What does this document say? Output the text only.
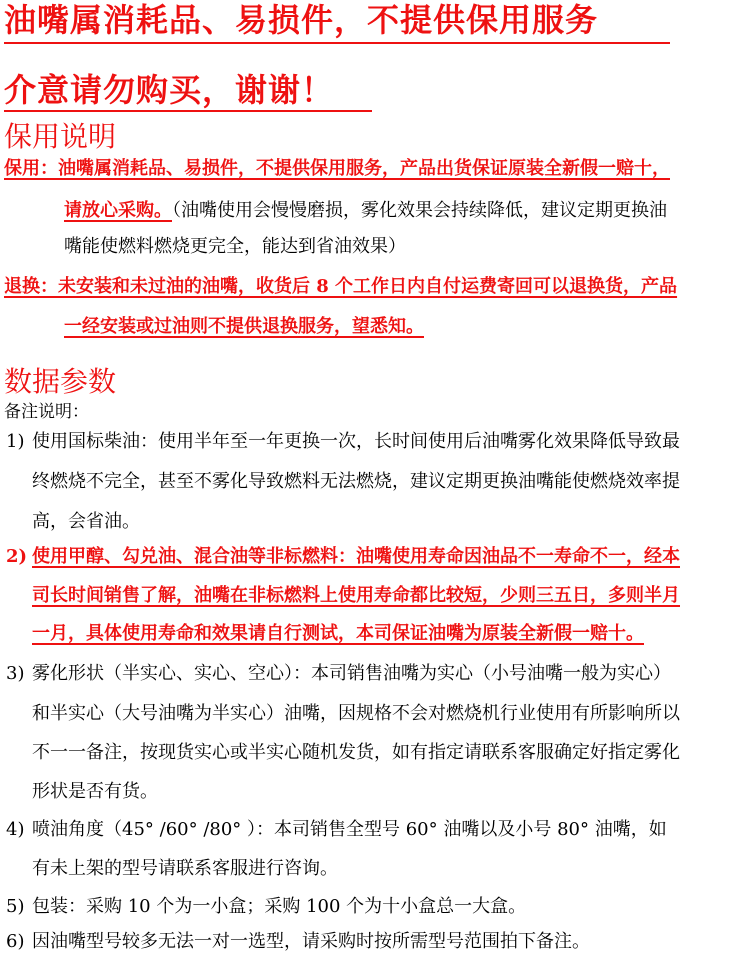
油嘴属消耗品、易损件，不提供保用服务
介意请勿购买，谢谢！
保用说明
保用：油嘴属消耗品、易损件，不提供保用服务，产品出货保证原装全新假一赔十，
请放心采购。（油嘴使用会慢慢磨损，雾化效果会持续降低，建议定期更换油
嘴能使燃料燃烧更完全，能达到省油效果）
退换：未安装和未过油的油嘴，收货后 8 个工作日内自付运费寄回可以退换货，产品
一经安装或过油则不提供退换服务，望悉知。
数据参数
备注说明：
1) 使用国标柴油：使用半年至一年更换一次，长时间使用后油嘴雾化效果降低导致最
终燃烧不完全，甚至不雾化导致燃料无法燃烧，建议定期更换油嘴能使燃烧效率提
高，会省油。
2) 使用甲醇、勾兑油、混合油等非标燃料：油嘴使用寿命因油品不一寿命不一，经本
司长时间销售了解，油嘴在非标燃料上使用寿命都比较短，少则三五日，多则半月
一月，具体使用寿命和效果请自行测试，本司保证油嘴为原装全新假一赔十。
3) 雾化形状（半实心、实心、空心）：本司销售油嘴为实心（小号油嘴一般为实心）
和半实心（大号油嘴为半实心）油嘴，因规格不会对燃烧机行业使用有所影响所以
不一一备注，按现货实心或半实心随机发货，如有指定请联系客服确定好指定雾化
形状是否有货。
4) 喷油角度（45° /60° /80° ）：本司销售全型号 60° 油嘴以及小号 80° 油嘴，如
有未上架的型号请联系客服进行咨询。
5) 包装：采购 10 个为一小盒；采购 100 个为十小盒总一大盒。
6) 因油嘴型号较多无法一对一选型，请采购时按所需型号范围拍下备注。
